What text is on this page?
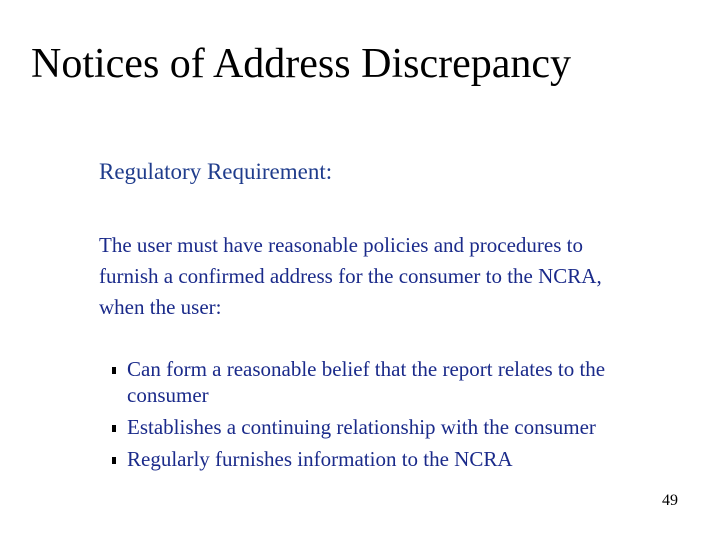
Notices of Address Discrepancy
Regulatory Requirement:
The user must have reasonable policies and procedures to
furnish a confirmed address for the consumer to the NCRA,
when the user:
Can form a reasonable belief that the report relates to the
consumer
Establishes a continuing relationship with the consumer
Regularly furnishes information to the NCRA
49
